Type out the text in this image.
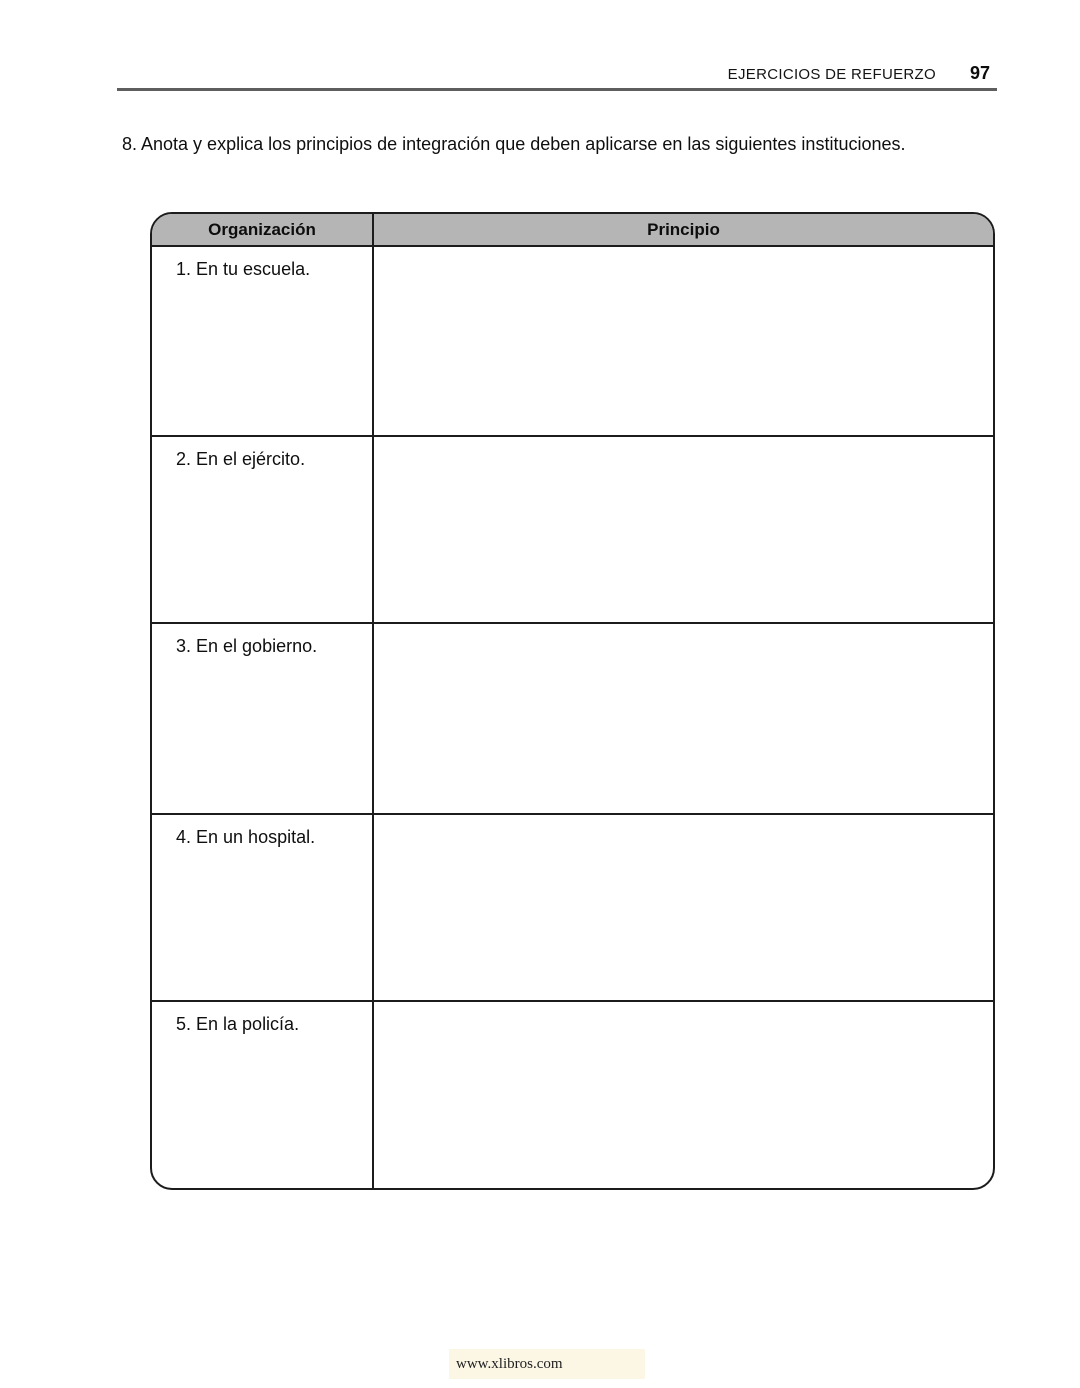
EJERCICIOS DE REFUERZO 97

8. Anota y explica los principios de integración que deben aplicarse en las siguientes instituciones.

Organización	Principio
1. En tu escuela.
2. En el ejército.
3. En el gobierno.
4. En un hospital.
5. En la policía.
www.xlibros.com
